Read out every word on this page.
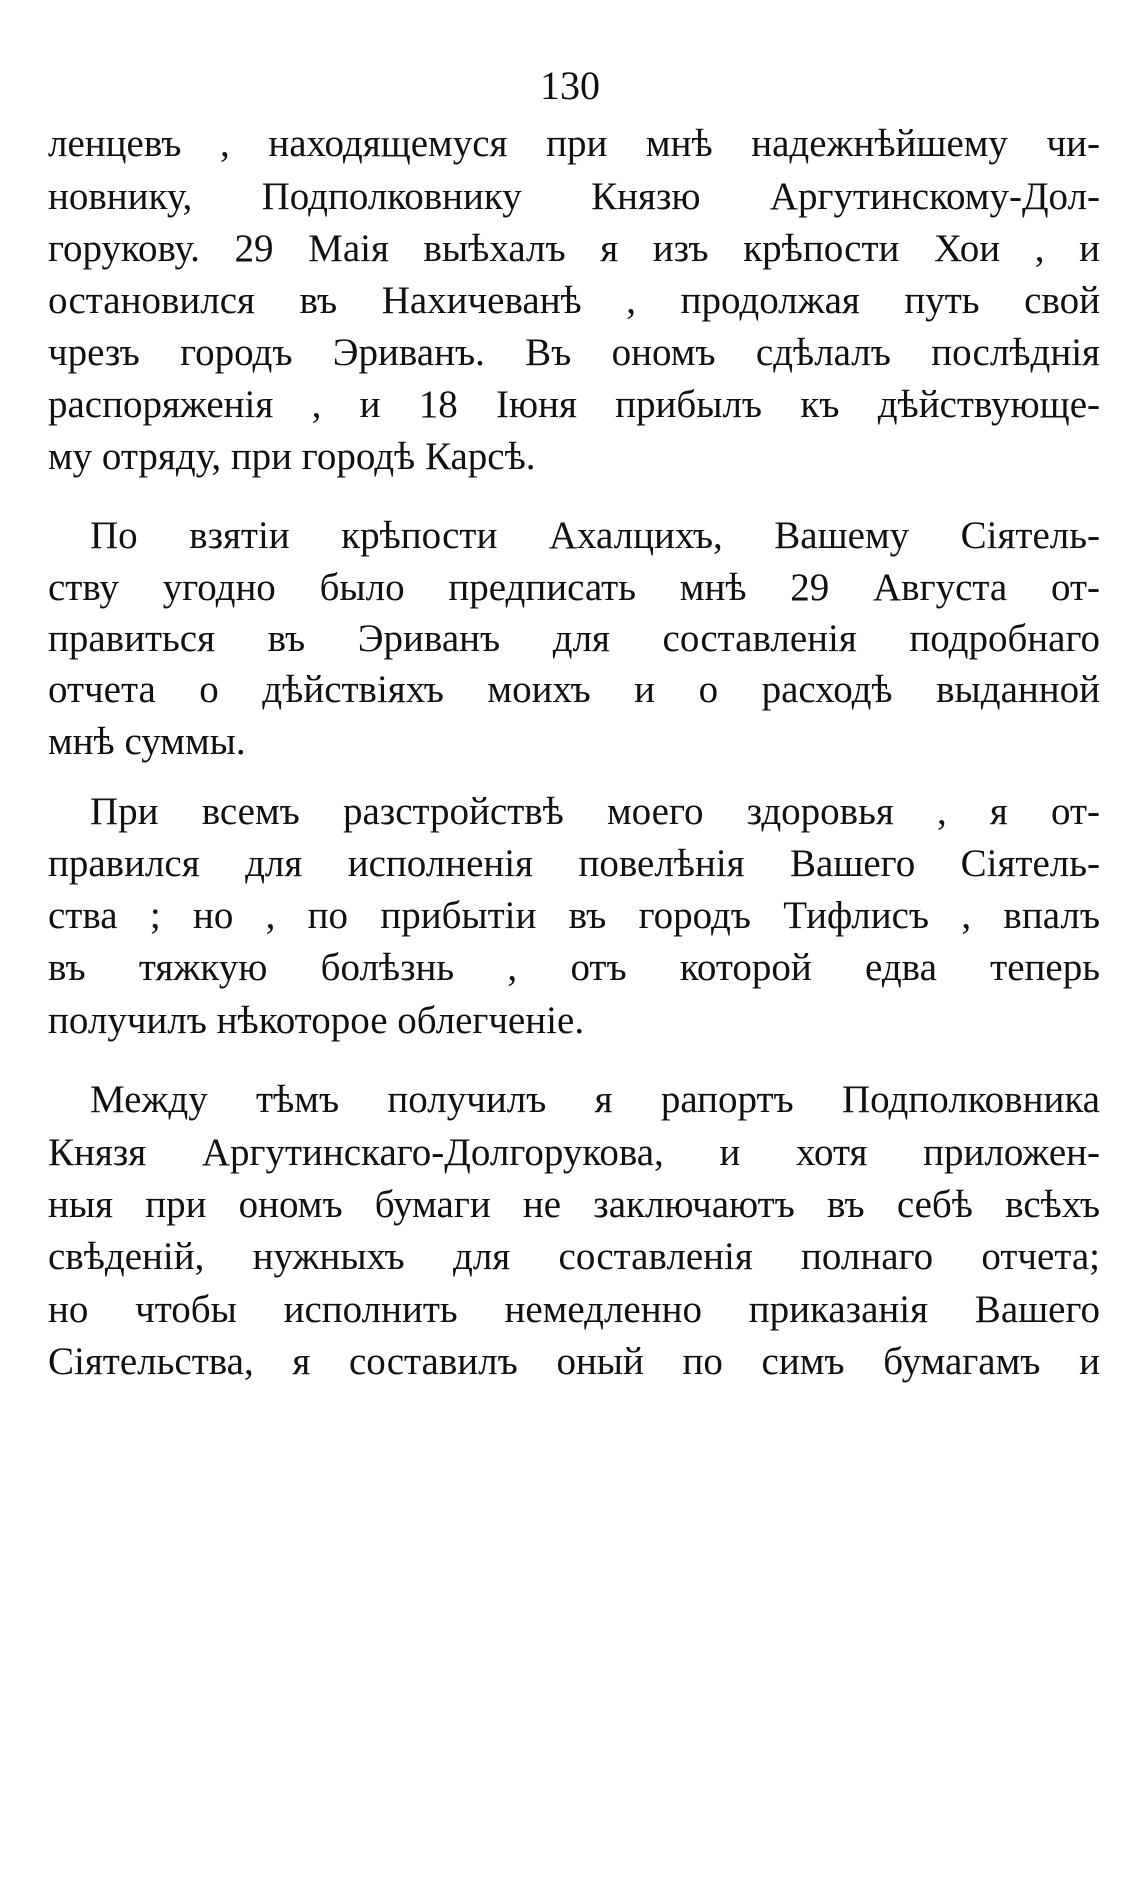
130
ленцевъ , находящемуся при мнѣ надежнѣйшему чи-
новнику, Подполковнику Князю Аргутинскому-Дол-
горукову. 29 Маія выѣхалъ я изъ крѣпости Хои , и
остановился въ Нахичеванѣ , продолжая путь свой
чрезъ городъ Эриванъ. Въ ономъ сдѣлалъ послѣднія
распоряженія , и 18 Іюня прибылъ къ дѣйствующе-
му отряду, при городѣ Карсѣ.
По взятіи крѣпости Ахалцихъ, Вашему Сіятель-
ству угодно было предписать мнѣ 29 Августа от-
правиться въ Эриванъ для составленія подробнаго
отчета о дѣйствіяхъ моихъ и о расходѣ выданной
мнѣ суммы.
При всемъ разстройствѣ моего здоровья , я от-
правился для исполненія повелѣнія Вашего Сіятель-
ства ; но , по прибытіи въ городъ Тифлисъ , впалъ
въ тяжкую болѣзнь , отъ которой едва теперь
получилъ нѣкоторое облегченіе.
Между тѣмъ получилъ я рапортъ Подполковника
Князя Аргутинскаго-Долгорукова, и хотя приложен-
ныя при ономъ бумаги не заключаютъ въ себѣ всѣхъ
свѣденій, нужныхъ для составленія полнаго отчета;
но чтобы исполнить немедленно приказанія Вашего
Сіятельства, я составилъ оный по симъ бумагамъ и
